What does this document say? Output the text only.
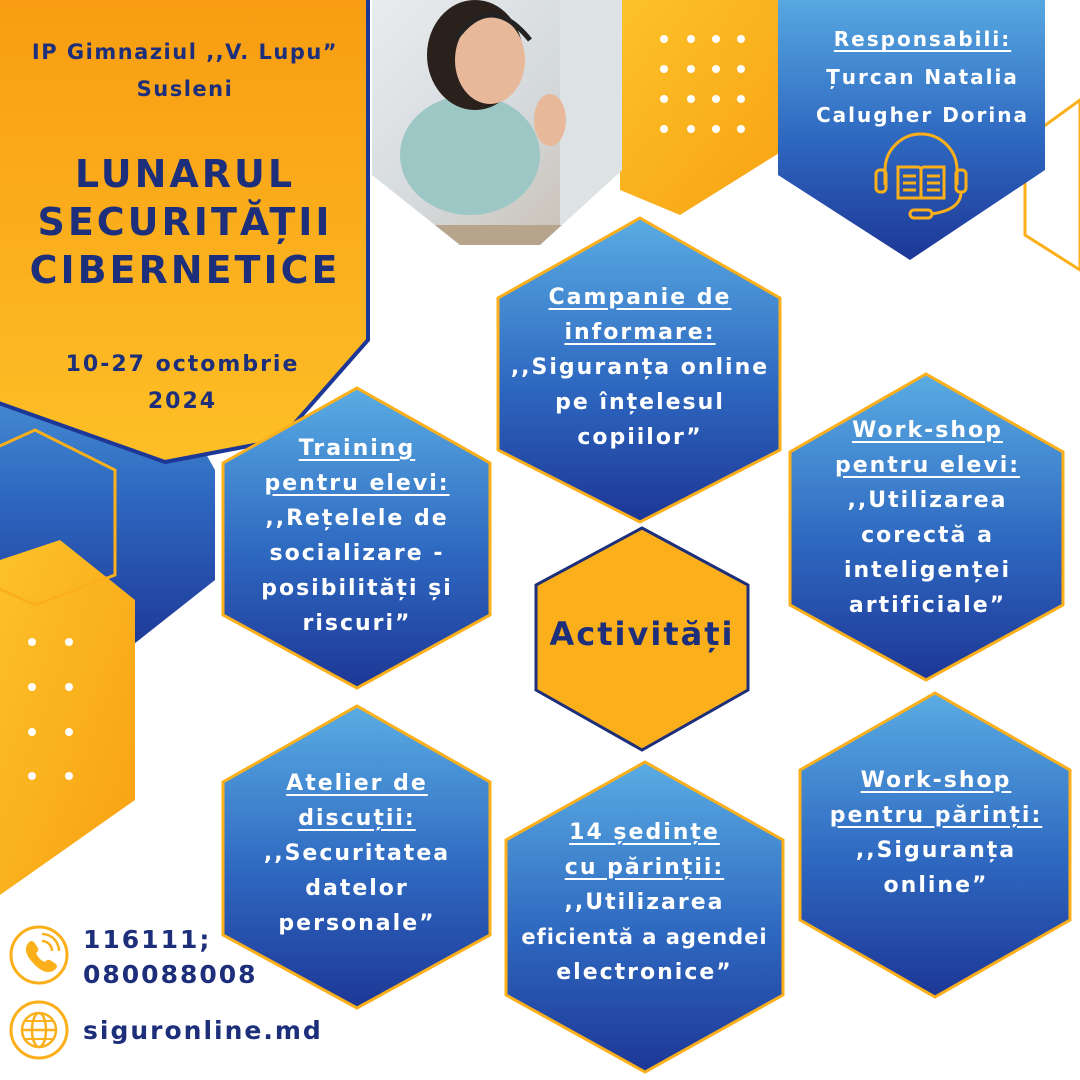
IP Gimnaziul ,,V. Lupu”
Susleni
LUNARUL
SECURITĂȚII
CIBERNETICE
10-27 octombrie
2024
Responsabili:
Țurcan Natalia
Calugher Dorina
Campanie de
informare:
,,Siguranța online
pe înțelesul
copiilor”
Training
pentru elevi:
,,Rețelele de
socializare -
posibilități și
riscuri”
Work-shop
pentru elevi:
,,Utilizarea
corectă a
inteligenței
artificiale”
Activități
Atelier de
discuții:
,,Securitatea
datelor
personale”
14 ședințe
cu părinții:
,,Utilizarea
eficientă a agendei
electronice”
Work-shop
pentru părinți:
,,Siguranța
online”
116111;
080088008
siguronline.md
